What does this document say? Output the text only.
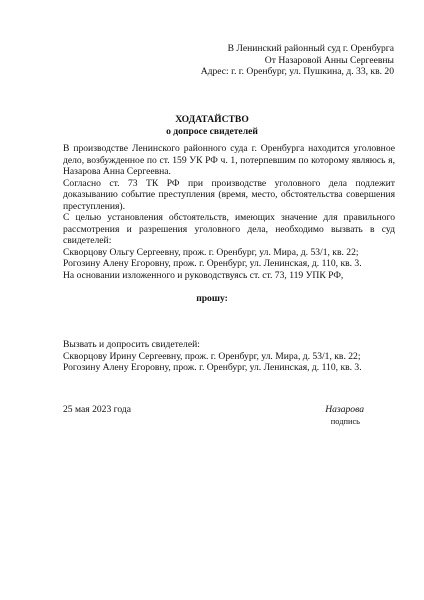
В Ленинский районный суд г. Оренбурга
От Назаровой Анны Сергеевны
Адрес: г. г. Оренбург, ул. Пушкина, д. 33, кв. 20
ХОДАТАЙСТВО
о допросе свидетелей

В производстве Ленинского районного суда г. Оренбурга находится уголовное дело, возбужденное по ст. 159 УК РФ ч. 1, потерпевшим по которому являюсь я, Назарова Анна Сергеевна.

Согласно ст. 73 ТК РФ при производстве уголовного дела подлежит доказыванию событие преступления (время, место, обстоятельства совершения преступления).

С целью установления обстоятельств, имеющих значение для правильного рассмотрения и разрешения уголовного дела, необходимо вызвать в суд свидетелей:

Скворцову Ольгу Сергеевну, прож. г. Оренбург, ул. Мира, д. 53/1, кв. 22;

Рогозину Алену Егоровну, прож. г. Оренбург, ул. Ленинская, д. 110, кв. 3.

На основании изложенного и руководствуясь ст. ст. 73, 119 УПК РФ,

прошу:
Вызвать и допросить свидетелей:
Скворцову Ирину Сергеевну, прож. г. Оренбург, ул. Мира, д. 53/1, кв. 22;
Рогозину Алену Егоровну, прож. г. Оренбург, ул. Ленинская, д. 110, кв. 3.
25 мая 2023 года	Назарова
подпись
